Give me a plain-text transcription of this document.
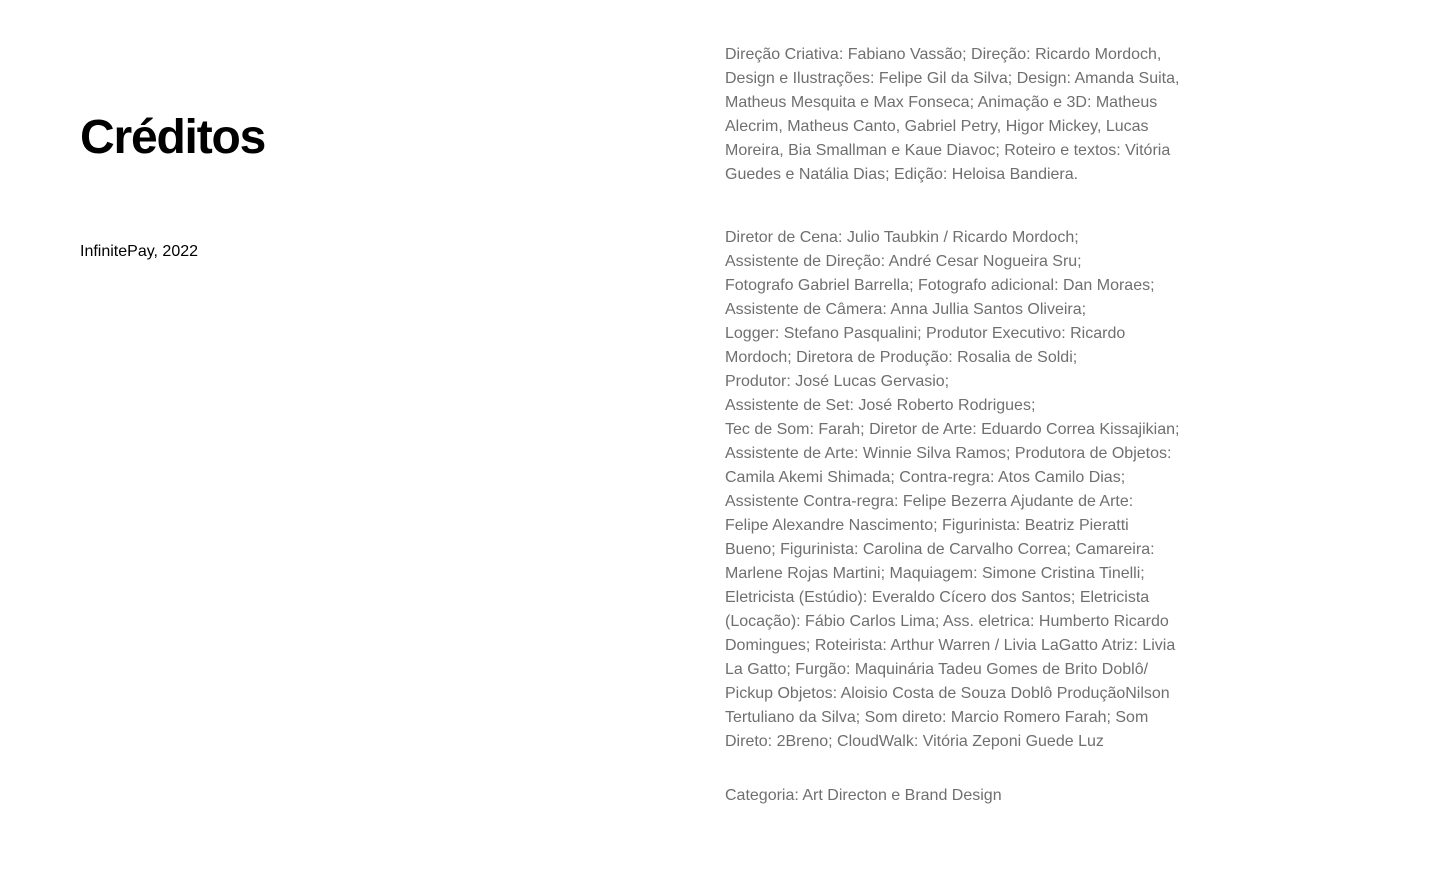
Créditos

InfinitePay, 2022

Direção Criativa: Fabiano Vassão; Direção: Ricardo Mordoch,
Design e Ilustrações: Felipe Gil da Silva; Design: Amanda Suita,
Matheus Mesquita e Max Fonseca; Animação e 3D: Matheus
Alecrim, Matheus Canto, Gabriel Petry, Higor Mickey, Lucas
Moreira, Bia Smallman e Kaue Diavoc; Roteiro e textos: Vitória
Guedes e Natália Dias; Edição: Heloisa Bandiera.

Diretor de Cena: Julio Taubkin / Ricardo Mordoch;
Assistente de Direção: André Cesar Nogueira Sru;
Fotografo Gabriel Barrella; Fotografo adicional: Dan Moraes;
Assistente de Câmera: Anna Jullia Santos Oliveira;
Logger: Stefano Pasqualini; Produtor Executivo: Ricardo
Mordoch; Diretora de Produção: Rosalia de Soldi;
Produtor: José Lucas Gervasio;
Assistente de Set: José Roberto Rodrigues;
Tec de Som: Farah; Diretor de Arte: Eduardo Correa Kissajikian;
Assistente de Arte: Winnie Silva Ramos; Produtora de Objetos:
Camila Akemi Shimada; Contra-regra: Atos Camilo Dias;
Assistente Contra-regra: Felipe Bezerra Ajudante de Arte:
Felipe Alexandre Nascimento; Figurinista: Beatriz Pieratti
Bueno; Figurinista: Carolina de Carvalho Correa; Camareira:
Marlene Rojas Martini; Maquiagem: Simone Cristina Tinelli;
Eletricista (Estúdio): Everaldo Cícero dos Santos; Eletricista
(Locação): Fábio Carlos Lima; Ass. eletrica: Humberto Ricardo
Domingues; Roteirista: Arthur Warren / Livia LaGatto Atriz: Livia
La Gatto; Furgão: Maquinária Tadeu Gomes de Brito Doblô/
Pickup Objetos: Aloisio Costa de Souza Doblô ProduçãoNilson
Tertuliano da Silva; Som direto: Marcio Romero Farah; Som
Direto: 2Breno; CloudWalk: Vitória Zeponi Guede Luz

Categoria: Art Directon e Brand Design
